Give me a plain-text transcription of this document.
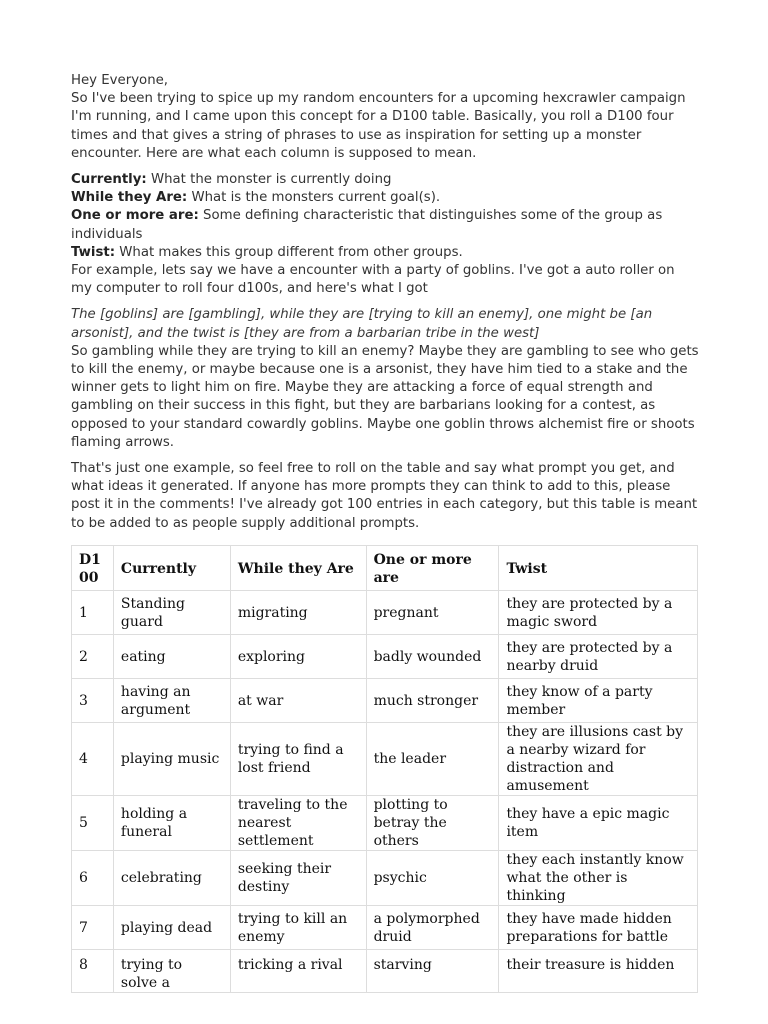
Hey Everyone,

So I've been trying to spice up my random encounters for a upcoming hexcrawler campaign I'm running, and I came upon this concept for a D100 table. Basically, you roll a D100 four times and that gives a string of phrases to use as inspiration for setting up a monster encounter. Here are what each column is supposed to mean.

Currently: What the monster is currently doing

While they Are: What is the monsters current goal(s).

One or more are: Some defining characteristic that distinguishes some of the group as individuals

Twist: What makes this group different from other groups.

For example, lets say we have a encounter with a party of goblins. I've got a auto roller on my computer to roll four d100s, and here's what I got

The [goblins] are [gambling], while they are [trying to kill an enemy], one might be [an arsonist], and the twist is [they are from a barbarian tribe in the west]

So gambling while they are trying to kill an enemy? Maybe they are gambling to see who gets to kill the enemy, or maybe because one is a arsonist, they have him tied to a stake and the winner gets to light him on fire. Maybe they are attacking a force of equal strength and gambling on their success in this fight, but they are barbarians looking for a contest, as opposed to your standard cowardly goblins. Maybe one goblin throws alchemist fire or shoots flaming arrows.

That's just one example, so feel free to roll on the table and say what prompt you get, and what ideas it generated. If anyone has more prompts they can think to add to this, please post it in the comments! I've already got 100 entries in each category, but this table is meant to be added to as people supply additional prompts.

D100	Currently	While they Are	One or more are	Twist
1	Standing guard	migrating	pregnant	they are protected by a magic sword
2	eating	exploring	badly wounded	they are protected by a nearby druid
3	having an argument	at war	much stronger	they know of a party member
4	playing music	trying to find a lost friend	the leader	they are illusions cast by a nearby wizard for distraction and amusement
5	holding a funeral	traveling to the nearest settlement	plotting to betray the others	they have a epic magic item
6	celebrating	seeking their destiny	psychic	they each instantly know what the other is thinking
7	playing dead	trying to kill an enemy	a polymorphed druid	they have made hidden preparations for battle
8	trying to solve a	tricking a rival	starving	their treasure is hidden
